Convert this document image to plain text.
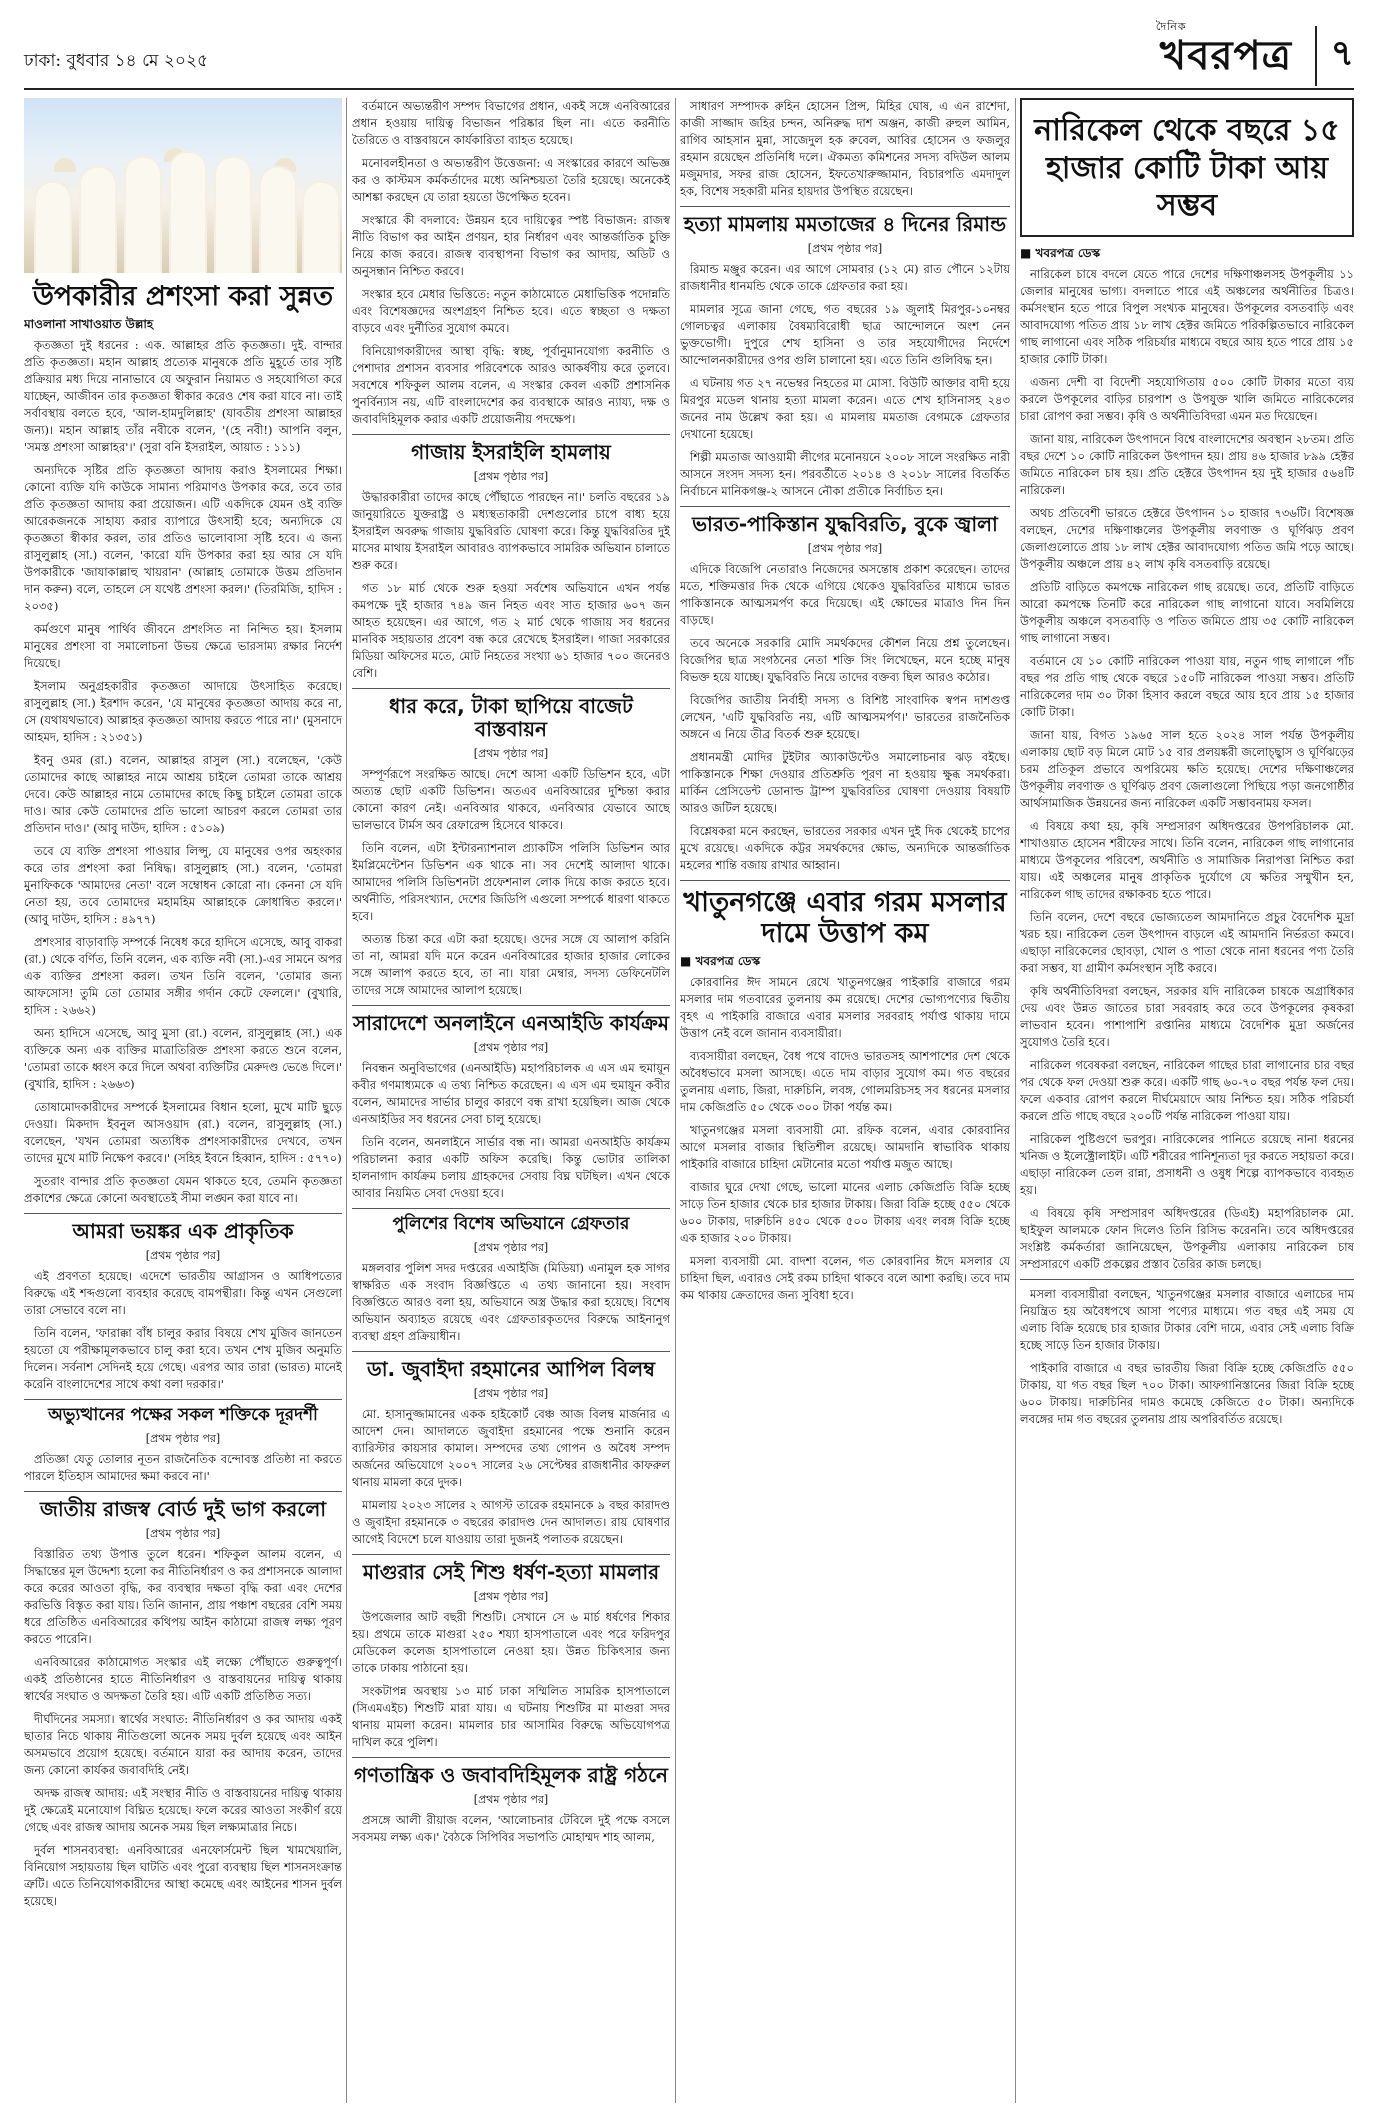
ঢাকা: বুধবার ১৪ মে ২০২৫
দৈনিক
খবরপত্র	৭
উপকারীর প্রশংসা করা সুন্নত
মাওলানা সাখাওয়াত উল্লাহ

কৃতজ্ঞতা দুই ধরনের : এক. আল্লাহর প্রতি কৃতজ্ঞতা। দুই. বান্দার প্রতি কৃতজ্ঞতা। মহান আল্লাহ প্রত্যেক মানুষকে প্রতি মুহূর্তে তার সৃষ্টি প্রক্রিয়ার মধ্য দিয়ে নানাভাবে যে অফুরান নিয়ামত ও সহযোগিতা করে যাচ্ছেন, আজীবন তার কৃতজ্ঞতা স্বীকার করেও শেষ করা যাবে না। তাই সর্বাবস্থায় বলতে হবে, 'আল-হামদুলিল্লাহ' (যাবতীয় প্রশংসা আল্লাহর জন্য)। মহান আল্লাহ তাঁর নবীকে বলেন, '(হে নবী!) আপনি বলুন, 'সমস্ত প্রশংসা আল্লাহর'।' (সুরা বনি ইসরাইল, আয়াত : ১১১)

অন্যদিকে সৃষ্টির প্রতি কৃতজ্ঞতা আদায় করাও ইসলামের শিক্ষা। কোনো ব্যক্তি যদি কাউকে সামান্য পরিমাণও উপকার করে, তবে তার প্রতি কৃতজ্ঞতা আদায় করা প্রয়োজন। এটি একদিকে যেমন ওই ব্যক্তি আরেকজনকে সাহায্য করার ব্যাপারে উৎসাহী হবে; অন্যদিকে যে কৃতজ্ঞতা স্বীকার করল, তার প্রতিও ভালোবাসা সৃষ্টি হবে। এ জন্য রাসুলুল্লাহ (সা.) বলেন, 'কারো যদি উপকার করা হয় আর সে যদি উপকারীকে 'জাযাকাল্লাহু খায়রান' (আল্লাহ তোমাকে উত্তম প্রতিদান দান করুন) বলে, তাহলে সে যথেষ্ট প্রশংসা করল।' (তিরমিজি, হাদিস : ২০৩৫)

কর্মগুণে মানুষ পার্থিব জীবনে প্রশংসিত না নিন্দিত হয়। ইসলাম মানুষের প্রশংসা বা সমালোচনা উভয় ক্ষেত্রে ভারসাম্য রক্ষার নির্দেশ দিয়েছে।

ইসলাম অনুগ্রহকারীর কৃতজ্ঞতা আদায়ে উৎসাহিত করেছে। রাসুলুল্লাহ (সা.) ইরশাদ করেন, 'যে মানুষের কৃতজ্ঞতা আদায় করে না, সে (যথাযথভাবে) আল্লাহর কৃতজ্ঞতা আদায় করতে পারে না।' (মুসনাদে আহমদ, হাদিস : ২১৩৫১)

ইবনু ওমর (রা.) বলেন, আল্লাহর রাসুল (সা.) বলেছেন, 'কেউ তোমাদের কাছে আল্লাহর নামে আশ্রয় চাইলে তোমরা তাকে আশ্রয় দেবে। কেউ আল্লাহর নামে তোমাদের কাছে কিছু চাইলে তোমরা তাকে দাও। আর কেউ তোমাদের প্রতি ভালো আচরণ করলে তোমরা তার প্রতিদান দাও।' (আবু দাউদ, হাদিস : ৫১০৯)

তবে যে ব্যক্তি প্রশংসা পাওয়ার লিপ্সু, যে মানুষের ওপর অহংকার করে তার প্রশংসা করা নিষিদ্ধ। রাসুলুল্লাহ (সা.) বলেন, 'তোমরা মুনাফিককে 'আমাদের নেতা' বলে সম্বোধন কোরো না। কেননা সে যদি নেতা হয়, তবে তোমাদের মহামহিম আল্লাহকে ক্রোধান্বিত করলে।' (আবু দাউদ, হাদিস : ৪৯৭৭)

প্রশংসার বাড়াবাড়ি সম্পর্কে নিষেধ করে হাদিসে এসেছে, আবু বাকরা (রা.) থেকে বর্ণিত, তিনি বলেন, এক ব্যক্তি নবী (সা.)-এর সামনে অপর এক ব্যক্তির প্রশংসা করল। তখন তিনি বলেন, 'তোমার জন্য আফসোস! তুমি তো তোমার সঙ্গীর গর্দান কেটে ফেললে।' (বুখারি, হাদিস : ২৬৬২)

অন্য হাদিসে এসেছে, আবু মুসা (রা.) বলেন, রাসুলুল্লাহ (সা.) এক ব্যক্তিকে অন্য এক ব্যক্তির মাত্রাতিরিক্ত প্রশংসা করতে শুনে বলেন, 'তোমরা তাকে ধ্বংস করে দিলে অথবা ব্যক্তিটির মেরুদণ্ড ভেঙে দিলে।' (বুখারি, হাদিস : ২৬৬৩)

তোষামোদকারীদের সম্পর্কে ইসলামের বিধান হলো, মুখে মাটি ছুড়ে দেওয়া। মিকদাদ ইবনুল আসওয়াদ (রা.) বলেন, রাসুলুল্লাহ (সা.) বলেছেন, 'যখন তোমরা অত্যধিক প্রশংসাকারীদের দেখবে, তখন তাদের মুখে মাটি নিক্ষেপ করবে।' (সহিহ ইবনে হিব্বান, হাদিস : ৫৭৭০)

সুতরাং বান্দার প্রতি কৃতজ্ঞতা যেমন থাকতে হবে, তেমনি কৃতজ্ঞতা প্রকাশের ক্ষেত্রে কোনো অবস্থাতেই সীমা লঙ্ঘন করা যাবে না।

আমরা ভয়ঙ্কর এক প্রাকৃতিক
[প্রথম পৃষ্ঠার পর]

এই প্রবণতা হয়েছে। এদেশে ভারতীয় আগ্রাসন ও আধিপত্যের বিরুদ্ধে এই শব্দগুলো ব্যবহার করেছে বামপন্থীরা। কিন্তু এখন সেগুলো তারা সেভাবে বলে না।

তিনি বলেন, 'ফারাক্কা বাঁধ চালুর করার বিষয়ে শেখ মুজিব জানতেন হয়তো যে পরীক্ষামূলকভাবে চালু করা হবে। তখন শেখ মুজিব অনুমতি দিলেন। সর্বনাশ সেদিনই হয়ে গেছে। এরপর আর তারা (ভারত) মানেই করেনি বাংলাদেশের সাথে কথা বলা দরকার।'

অভ্যুত্থানের পক্ষের সকল শক্তিকে দূরদর্শী
[প্রথম পৃষ্ঠার পর]

প্রতিজ্ঞা যেতু তোলার নূতন রাজনৈতিক বন্দোবস্ত প্রতিষ্ঠা না করতে পারলে ইতিহাস আমাদের ক্ষমা করবে না।'

জাতীয় রাজস্ব বোর্ড দুই ভাগ করলো
[প্রথম পৃষ্ঠার পর]

বিস্তারিত তথ্য উপাত্ত তুলে ধরেন। শফিকুল আলম বলেন, এ সিদ্ধান্তের মূল উদ্দেশ্য হলো কর নীতিনির্ধারণ ও কর প্রশাসনকে আলাদা করে করের আওতা বৃদ্ধি, কর ব্যবস্থার দক্ষতা বৃদ্ধি করা এবং দেশের করভিত্তি বিস্তৃত করা যায়। তিনি জানান, প্রায় পঞ্চাশ বছরের বেশি সময় ধরে প্রতিষ্ঠিত এনবিআরের কথিপয় আইন কাঠামো রাজস্ব লক্ষ্য পূরণ করতে পারেনি।

এনবিআরের কাঠামোগত সংস্কার এই লক্ষ্যে পৌঁছাতে গুরুত্বপূর্ণ। একই প্রতিষ্ঠানের হাতে নীতিনির্ধারণ ও বাস্তবায়নের দায়িত্ব থাকায় স্বার্থের সংঘাত ও অদক্ষতা তৈরি হয়। এটি একটি প্রতিষ্ঠিত সত্য।

দীর্ঘদিনের সমস্যা। স্বার্থের সংঘাত: নীতিনির্ধারণ ও কর আদায় একই ছাতার নিচে থাকায় নীতিগুলো অনেক সময় দুর্বল হয়েছে এবং আইন অসমভাবে প্রয়োগ হয়েছে। বর্তমানে যারা কর আদায় করেন, তাদের জন্য কোনো কার্যকর জবাবদিহি নেই।

অদক্ষ রাজস্ব আদায়: এই সংস্থার নীতি ও বাস্তবায়নের দায়িত্ব থাকায় দুই ক্ষেত্রেই মনোযোগ বিঘ্নিত হয়েছে। ফলে করের আওতা সংকীর্ণ রয়ে গেছে এবং রাজস্ব আদায় অনেক সময় ছিল লক্ষ্যমাত্রার নিচে।

দুর্বল শাসনব্যবস্থা: এনবিআরের এনফোর্সমেন্ট ছিল খামখেয়ালি, বিনিয়োগ সহায়তায় ছিল ঘাটতি এবং পুরো ব্যবস্থায় ছিল শাসনসংক্রান্ত ত্রুটি। এতে তিনিযোগকারীদের আস্থা কমেছে এবং আইনের শাসন দুর্বল হয়েছে।

বর্তমানে অভ্যন্তরীণ সম্পদ বিভাগের প্রধান, একই সঙ্গে এনবিআরের প্রধান হওয়ায় দায়িত্ব বিভাজন পরিষ্কার ছিল না। এতে করনীতি তৈরিতে ও বাস্তবায়নে কার্যকারিতা ব্যাহত হয়েছে।

মনোবলহীনতা ও অভ্যন্তরীণ উত্তেজনা: এ সংস্কারের কারণে অভিজ্ঞ কর ও কাস্টমস কর্মকর্তাদের মধ্যে অনিশ্চয়তা তৈরি হয়েছে। অনেকেই আশঙ্কা করছেন যে তারা হয়তো উপেক্ষিত হবেন।

সংস্কারে কী বদলাবে: উন্নয়ন হবে দায়িত্বের স্পষ্ট বিভাজন: রাজস্ব নীতি বিভাগ কর আইন প্রণয়ন, হার নির্ধারণ এবং আন্তর্জাতিক চুক্তি নিয়ে কাজ করবে। রাজস্ব ব্যবস্থাপনা বিভাগ কর আদায়, অডিট ও অনুসন্ধান নিশ্চিত করবে।

সংস্কার হবে মেধার ভিত্তিতে: নতুন কাঠামোতে মেধাভিত্তিক পদোন্নতি এবং বিশেষজ্ঞদের অংশগ্রহণ নিশ্চিত হবে। এতে স্বচ্ছতা ও দক্ষতা বাড়বে এবং দুর্নীতির সুযোগ কমবে।

বিনিয়োগকারীদের আস্থা বৃদ্ধি: স্বচ্ছ, পূর্বানুমানযোগ্য করনীতি ও পেশাদার প্রশাসন ব্যবসার পরিবেশকে আরও আকর্ষণীয় করে তুলবে। সবশেষে শফিকুল আলম বলেন, এ সংস্কার কেবল একটি প্রশাসনিক পুনর্বিন্যাস নয়, এটি বাংলাদেশের কর ব্যবস্থাকে আরও ন্যায্য, দক্ষ ও জবাবদিহিমূলক করার একটি প্রয়োজনীয় পদক্ষেপ।

গাজায় ইসরাইলি হামলায়
[প্রথম পৃষ্ঠার পর]

উদ্ধারকারীরা তাদের কাছে পৌঁছাতে পারছেন না।' চলতি বছরের ১৯ জানুয়ারিতে যুক্তরাষ্ট্র ও মধ্যস্থতাকারী দেশগুলোর চাপে বাধ্য হয়ে ইসরাইল অবরুদ্ধ গাজায় যুদ্ধবিরতি ঘোষণা করে। কিন্তু যুদ্ধবিরতির দুই মাসের মাথায় ইসরাইল আবারও ব্যাপকভাবে সামরিক অভিযান চালাতে শুরু করে।

গত ১৮ মার্চ থেকে শুরু হওয়া সর্বশেষ অভিযানে এখন পর্যন্ত কমপক্ষে দুই হাজার ৭৪৯ জন নিহত এবং সাত হাজার ৬০৭ জন আহত হয়েছেন। এর আগে, গত ২ মার্চ থেকে গাজায় সব ধরনের মানবিক সহায়তার প্রবেশ বন্ধ করে রেখেছে ইসরাইল। গাজা সরকারের মিডিয়া অফিসের মতে, মোট নিহতের সংখ্যা ৬১ হাজার ৭০০ জনেরও বেশি।

ধার করে, টাকা ছাপিয়ে বাজেট বাস্তবায়ন
[প্রথম পৃষ্ঠার পর]

সম্পূর্ণরূপে সংরক্ষিত আছে। দেশে আসা একটি ডিভিশন হবে, এটা অত্যন্ত ছোট একটি ডিভিশন। অতএব এনবিআরের দুশ্চিন্তা করার কোনো কারণ নেই। এনবিআর থাকবে, এনবিআর যেভাবে আছে ভালভাবে টার্মস অব রেফারেন্স হিসেবে থাকবে।

তিনি বলেন, এটা ইন্টারন্যাশনাল প্র্যাকটিস পলিসি ডিভিশন আর ইমপ্লিমেন্টেশন ডিভিশন এক থাকে না। সব দেশেই আলাদা থাকে। আমাদের পলিসি ডিভিশনটা প্রফেশনাল লোক দিয়ে কাজ করতে হবে। অর্থনীতি, পরিসংখ্যান, দেশের জিডিপি এগুলো সম্পর্কে ধারণা থাকতে হবে।

অত্যন্ত চিন্তা করে এটা করা হয়েছে। ওদের সঙ্গে যে আলাপ করিনি তা না, আমরা যদি মনে করেন এনবিআরের হাজার হাজার লোকের সঙ্গে আলাপ করতে হবে, তা না। যারা মেম্বার, সদস্য ডেফিনেটলি তাদের সঙ্গে আমাদের আলাপ হয়েছে।

সারাদেশে অনলাইনে এনআইডি কার্যক্রম
[প্রথম পৃষ্ঠার পর]

নিবন্ধন অনুবিভাগের (এনআইডি) মহাপরিচালক এ এস এম হুমায়ূন কবীর গণমাধ্যমকে এ তথ্য নিশ্চিত করেছেন। এ এস এম হুমায়ূন কবীর বলেন, আমাদের সার্ভার চালুর কারণে বন্ধ রাখা হয়েছিল। আজ থেকে এনআইডির সব ধরনের সেবা চালু হয়েছে।

তিনি বলেন, অনলাইনে সার্ভার বন্ধ না। আমরা এনআইডি কার্যক্রম পরিচালনা করার একটি অফিস করেছি। কিন্তু ভোটার তালিকা হালনাগাদ কার্যক্রম চলায় গ্রাহকদের সেবায় বিঘ্ন ঘটছিল। এখন থেকে আবার নিয়মিত সেবা দেওয়া হবে।

পুলিশের বিশেষ অভিযানে গ্রেফতার
[প্রথম পৃষ্ঠার পর]

মঙ্গলবার পুলিশ সদর দপ্তরের এআইজি (মিডিয়া) এনামুল হক সাগর স্বাক্ষরিত এক সংবাদ বিজ্ঞপ্তিতে এ তথ্য জানানো হয়। সংবাদ বিজ্ঞপ্তিতে আরও বলা হয়, অভিযানে অস্ত্র উদ্ধার করা হয়েছে। বিশেষ অভিযান অব্যাহত রয়েছে এবং গ্রেফতারকৃতদের বিরুদ্ধে আইনানুগ ব্যবস্থা গ্রহণ প্রক্রিয়াধীন।

ডা. জুবাইদা রহমানের আপিল বিলম্ব
[প্রথম পৃষ্ঠার পর]

মো. হাসানুজ্জামানের একক হাইকোর্ট বেঞ্চ আজ বিলম্ব মার্জনার এ আদেশ দেন। আদালতে জুবাইদা রহমানের পক্ষে শুনানি করেন ব্যারিস্টার কায়সার কামাল। সম্পদের তথ্য গোপন ও অবৈধ সম্পদ অর্জনের অভিযোগে ২০০৭ সালের ২৬ সেপ্টেম্বর রাজধানীর কাফরুল থানায় মামলা করে দুদক।

মামলায় ২০২৩ সালের ২ আগস্ট তারেক রহমানকে ৯ বছর কারাদণ্ড ও জুবাইদা রহমানকে ৩ বছরের কারাদণ্ড দেন আদালত। রায় ঘোষণার আগেই বিদেশে চলে যাওয়ায় তারা দুজনই পলাতক রয়েছেন।

মাগুরার সেই শিশু ধর্ষণ-হত্যা মামলার
[প্রথম পৃষ্ঠার পর]

উপজেলার আট বছরী শিশুটি। সেখানে সে ৬ মার্চ ধর্ষণের শিকার হয়। প্রথমে তাকে মাগুরা ২৫০ শয্যা হাসপাতালে এবং পরে ফরিদপুর মেডিকেল কলেজ হাসপাতালে নেওয়া হয়। উন্নত চিকিৎসার জন্য তাকে ঢাকায় পাঠানো হয়।

সংকটাপন্ন অবস্থায় ১৩ মার্চ ঢাকা সম্মিলিত সামরিক হাসপাতালে (সিএমএইচ) শিশুটি মারা যায়। এ ঘটনায় শিশুটির মা মাগুরা সদর থানায় মামলা করেন। মামলার চার আসামির বিরুদ্ধে অভিযোগপত্র দাখিল করে পুলিশ।

গণতান্ত্রিক ও জবাবদিহিমূলক রাষ্ট্র গঠনে
[প্রথম পৃষ্ঠার পর]

প্রসঙ্গে আলী রীয়াজ বলেন, 'আলোচনার টেবিলে দুই পক্ষে বসলে সবসময় লক্ষ্য এক।' বৈঠকে সিপিবির সভাপতি মোহাম্মদ শাহ আলম,

সাধারণ সম্পাদক রুহিন হোসেন প্রিন্স, মিহির ঘোষ, এ এন রাশেদা, কাজী সাজ্জাদ জহির চন্দন, অনিরুদ্ধ দাশ অঞ্জন, কাজী রুহুল আমিন, রাগিব আহসান মুন্না, সাজেদুল হক রুবেল, আবির হোসেন ও ফজলুর রহমান রয়েছেন প্রতিনিধি দলে। ঐকমত্য কমিশনের সদস্য বদিউল আলম মজুমদার, সফর রাজ হোসেন, ইফতেখারুজ্জামান, বিচারপতি এমদাদুল হক, বিশেষ সহকারী মনির হায়দার উপস্থিত রয়েছেন।

হত্যা মামলায় মমতাজের ৪ দিনের রিমান্ড
[প্রথম পৃষ্ঠার পর]

রিমান্ড মঞ্জুর করেন। এর আগে সোমবার (১২ মে) রাত পৌনে ১২টায় রাজধানীর ধানমন্ডি থেকে তাকে গ্রেফতার করা হয়।

মামলার সূত্রে জানা গেছে, গত বছরের ১৯ জুলাই মিরপুর-১০নম্বর গোলচত্বর এলাকায় বৈষম্যবিরোধী ছাত্র আন্দোলনে অংশ নেন ভুক্তভোগী। দুপুরে শেখ হাসিনা ও তার সহযোগীদের নির্দেশে আন্দোলনকারীদের ওপর গুলি চালানো হয়। এতে তিনি গুলিবিদ্ধ হন।

এ ঘটনায় গত ২৭ নভেম্বর নিহতের মা মোসা. বিউটি আক্তার বাদী হয়ে মিরপুর মডেল থানায় হত্যা মামলা করেন। এতে শেখ হাসিনাসহ ২৪৩ জনের নাম উল্লেখ করা হয়। এ মামলায় মমতাজ বেগমকে গ্রেফতার দেখানো হয়েছে।

শিল্পী মমতাজ আওয়ামী লীগের মনোনয়নে ২০০৮ সালে সংরক্ষিত নারী আসনে সংসদ সদস্য হন। পরবর্তীতে ২০১৪ ও ২০১৮ সালের বিতর্কিত নির্বাচনে মানিকগঞ্জ-২ আসনে নৌকা প্রতীকে নির্বাচিত হন।

ভারত-পাকিস্তান যুদ্ধবিরতি, বুকে জ্বালা
[প্রথম পৃষ্ঠার পর]

এদিকে বিজেপি নেতারাও নিজেদের অসন্তোষ প্রকাশ করেছেন। তাদের মতে, শক্তিমত্তার দিক থেকে এগিয়ে থেকেও যুদ্ধবিরতির মাধ্যমে ভারত পাকিস্তানকে আত্মসমর্পণ করে দিয়েছে। এই ক্ষোভের মাত্রাও দিন দিন বাড়ছে।

তবে অনেকে সরকারি মোদি সমর্থকদের কৌশল নিয়ে প্রশ্ন তুলেছেন। বিজেপির ছাত্র সংগঠনের নেতা শক্তি সিং লিখেছেন, মনে হচ্ছে মানুষ বিভক্ত হয়ে যাচ্ছে। যুদ্ধবিরতি নিয়ে তাদের বক্তব্য ছিল আরও কঠোর।

বিজেপির জাতীয় নির্বাহী সদস্য ও বিশিষ্ট সাংবাদিক স্বপন দাশগুপ্ত লেখেন, 'এটি যুদ্ধবিরতি নয়, এটি আত্মসমর্পণ।' ভারতের রাজনৈতিক অঙ্গনে এ নিয়ে তীব্র বিতর্ক শুরু হয়েছে।

প্রধানমন্ত্রী মোদির টুইটার অ্যাকাউন্টেও সমালোচনার ঝড় বইছে। পাকিস্তানকে শিক্ষা দেওয়ার প্রতিশ্রুতি পূরণ না হওয়ায় ক্ষুব্ধ সমর্থকরা। মার্কিন প্রেসিডেন্ট ডোনাল্ড ট্রাম্প যুদ্ধবিরতির ঘোষণা দেওয়ায় বিষয়টি আরও জটিল হয়েছে।

বিশ্লেষকরা মনে করছেন, ভারতের সরকার এখন দুই দিক থেকেই চাপের মুখে রয়েছে। একদিকে কট্টর সমর্থকদের ক্ষোভ, অন্যদিকে আন্তর্জাতিক মহলের শান্তি বজায় রাখার আহ্বান।

খাতুনগঞ্জে এবার গরম মসলার দামে উত্তাপ কম
■ খবরপত্র ডেস্ক

কোরবানির ঈদ সামনে রেখে খাতুনগঞ্জের পাইকারি বাজারে গরম মসলার দাম গতবারের তুলনায় কম রয়েছে। দেশের ভোগ্যপণ্যের দ্বিতীয় বৃহৎ এ পাইকারি বাজারে এবার মসলার সরবরাহ পর্যাপ্ত থাকায় দামে উত্তাপ নেই বলে জানান ব্যবসায়ীরা।

ব্যবসায়ীরা বলছেন, বৈধ পথে বাদেও ভারতসহ আশপাশের দেশ থেকে অবৈধভাবে মসলা আসছে। এতে দাম বাড়ার সুযোগ কম। গত বছরের তুলনায় এলাচ, জিরা, দারুচিনি, লবঙ্গ, গোলমরিচসহ সব ধরনের মসলার দাম কেজিপ্রতি ৫০ থেকে ৩০০ টাকা পর্যন্ত কম।

খাতুনগঞ্জের মসলা ব্যবসায়ী মো. রফিক বলেন, এবার কোরবানির আগে মসলার বাজার স্থিতিশীল রয়েছে। আমদানি স্বাভাবিক থাকায় পাইকারি বাজারে চাহিদা মেটানোর মতো পর্যাপ্ত মজুত আছে।

বাজার ঘুরে দেখা গেছে, ভালো মানের এলাচ কেজিপ্রতি বিক্রি হচ্ছে সাড়ে তিন হাজার থেকে চার হাজার টাকায়। জিরা বিক্রি হচ্ছে ৫৫০ থেকে ৬০০ টাকায়, দারুচিনি ৪৫০ থেকে ৫০০ টাকায় এবং লবঙ্গ বিক্রি হচ্ছে এক হাজার ২০০ টাকায়।

মসলা ব্যবসায়ী মো. বাদশা বলেন, গত কোরবানির ঈদে মসলার যে চাহিদা ছিল, এবারও সেই রকম চাহিদা থাকবে বলে আশা করছি। তবে দাম কম থাকায় ক্রেতাদের জন্য সুবিধা হবে।

নারিকেল থেকে বছরে ১৫ হাজার কোটি টাকা আয় সম্ভব
■ খবরপত্র ডেস্ক

নারিকেল চাষে বদলে যেতে পারে দেশের দক্ষিণাঞ্চলসহ উপকূলীয় ১১ জেলার মানুষের ভাগ্য। বদলাতে পারে এই অঞ্চলের অর্থনীতির চিত্রও। কর্মসংস্থান হতে পারে বিপুল সংখ্যক মানুষের। উপকূলের বসতবাড়ি এবং আবাদযোগ্য পতিত প্রায় ১৮ লাখ হেক্টর জমিতে পরিকল্পিতভাবে নারিকেল গাছ লাগানো এবং সঠিক পরিচর্যার মাধ্যমে বছরে আয় হতে পারে প্রায় ১৫ হাজার কোটি টাকা।

এজন্য দেশী বা বিদেশী সহযোগিতায় ৫০০ কোটি টাকার মতো ব্যয় করলে উপকূলের বাড়ির চারপাশ ও উপযুক্ত খালি জমিতে নারিকেলের চারা রোপণ করা সম্ভব। কৃষি ও অর্থনীতিবিদরা এমন মত দিয়েছেন।

জানা যায়, নারিকেল উৎপাদনে বিশ্বে বাংলাদেশের অবস্থান ২৮তম। প্রতি বছর দেশে ১০ কোটি নারিকেল উৎপাদন হয়। প্রায় ৪৬ হাজার ৮৯৯ হেক্টর জমিতে নারিকেল চাষ হয়। প্রতি হেক্টরে উৎপাদন হয় দুই হাজার ৫৬৪টি নারিকেল।

অথচ প্রতিবেশী ভারতে হেক্টরে উৎপাদন ১০ হাজার ৭৩৬টি। বিশেষজ্ঞ বলছেন, দেশের দক্ষিণাঞ্চলের উপকূলীয় লবণাক্ত ও ঘূর্ণিঝড় প্রবণ জেলাগুলোতে প্রায় ১৮ লাখ হেক্টর আবাদযোগ্য পতিত জমি পড়ে আছে। উপকূলীয় অঞ্চলে প্রায় ৪২ লাখ কৃষি বসতবাড়ি রয়েছে।

প্রতিটি বাড়িতে কমপক্ষে নারিকেল গাছ রয়েছে। তবে, প্রতিটি বাড়িতে আরো কমপক্ষে তিনটি করে নারিকেল গাছ লাগানো যাবে। সবমিলিয়ে উপকূলীয় অঞ্চলে বসতবাড়ি ও পতিত জমিতে প্রায় ৩৫ কোটি নারিকেল গাছ লাগানো সম্ভব।

বর্তমানে যে ১০ কোটি নারিকেল পাওয়া যায়, নতুন গাছ লাগালে পাঁচ বছর পর প্রতি গাছ থেকে বছরে ১৫০টি নারিকেল পাওয়া সম্ভব। প্রতিটি নারিকেলের দাম ৩০ টাকা হিসাব করলে বছরে আয় হবে প্রায় ১৫ হাজার কোটি টাকা।

জানা যায়, বিগত ১৯৬৫ সাল হতে ২০২৪ সাল পর্যন্ত উপকূলীয় এলাকায় ছোট বড় মিলে মোট ১৫ বার প্রলয়ঙ্করী জলোচ্ছ্বাস ও ঘূর্ণিঝড়ের চরম প্রতিকূল প্রভাবে অপরিমেয় ক্ষতি হয়েছে। দেশের দক্ষিণাঞ্চলের উপকূলীয় লবণাক্ত ও ঘূর্ণিঝড় প্রবণ জেলাগুলো পিছিয়ে পড়া জনগোষ্ঠীর আর্থসামাজিক উন্নয়নের জন্য নারিকেল একটি সম্ভাবনাময় ফসল।

এ বিষয়ে কথা হয়, কৃষি সম্প্রসারণ অধিদপ্তরের উপপরিচালক মো. শাখাওয়াত হোসেন শরীফের সাথে। তিনি বলেন, নারিকেল গাছ লাগানোর মাধ্যমে উপকূলের পরিবেশ, অর্থনীতি ও সামাজিক নিরাপত্তা নিশ্চিত করা যায়। এই অঞ্চলের মানুষ প্রাকৃতিক দুর্যোগে যে ক্ষতির সম্মুখীন হন, নারিকেল গাছ তাদের রক্ষাকবচ হতে পারে।

তিনি বলেন, দেশে বছরে ভোজ্যতেল আমদানিতে প্রচুর বৈদেশিক মুদ্রা খরচ হয়। নারিকেল তেল উৎপাদন বাড়লে এই আমদানি নির্ভরতা কমবে। এছাড়া নারিকেলের ছোবড়া, খোল ও পাতা থেকে নানা ধরনের পণ্য তৈরি করা সম্ভব, যা গ্রামীণ কর্মসংস্থান সৃষ্টি করবে।

কৃষি অর্থনীতিবিদরা বলছেন, সরকার যদি নারিকেল চাষকে অগ্রাধিকার দেয় এবং উন্নত জাতের চারা সরবরাহ করে তবে উপকূলের কৃষকরা লাভবান হবেন। পাশাপাশি রপ্তানির মাধ্যমে বৈদেশিক মুদ্রা অর্জনের সুযোগও তৈরি হবে।

নারিকেল গবেষকরা বলছেন, নারিকেল গাছের চারা লাগানোর চার বছর পর থেকে ফল দেওয়া শুরু করে। একটি গাছ ৬০-৭০ বছর পর্যন্ত ফল দেয়। ফলে একবার রোপণ করলে দীর্ঘমেয়াদে আয় নিশ্চিত হয়। সঠিক পরিচর্যা করলে প্রতি গাছে বছরে ২০০টি পর্যন্ত নারিকেল পাওয়া যায়।

নারিকেল পুষ্টিগুণে ভরপুর। নারিকেলের পানিতে রয়েছে নানা ধরনের খনিজ ও ইলেক্ট্রোলাইট। এটি শরীরের পানিশূন্যতা দূর করতে সহায়তা করে। এছাড়া নারিকেল তেল রান্না, প্রসাধনী ও ওষুধ শিল্পে ব্যাপকভাবে ব্যবহৃত হয়।

এ বিষয়ে কৃষি সম্প্রসারণ অধিদপ্তরের (ডিএই) মহাপরিচালক মো. ছাইফুল আলমকে ফোন দিলেও তিনি রিসিভ করেননি। তবে অধিদপ্তরের সংশ্লিষ্ট কর্মকর্তারা জানিয়েছেন, উপকূলীয় এলাকায় নারিকেল চাষ সম্প্রসারণে একটি প্রকল্পের প্রস্তাব তৈরির কাজ চলছে।

মসলা ব্যবসায়ীরা বলছেন, খাতুনগঞ্জের মসলার বাজারে এলাচের দাম নিয়ন্ত্রিত হয় অবৈধপথে আসা পণ্যের মাধ্যমে। গত বছর এই সময় যে এলাচ বিক্রি হয়েছে চার হাজার টাকার বেশি দামে, এবার সেই এলাচ বিক্রি হচ্ছে সাড়ে তিন হাজার টাকায়।

পাইকারি বাজারে এ বছর ভারতীয় জিরা বিক্রি হচ্ছে কেজিপ্রতি ৫৫০ টাকায়, যা গত বছর ছিল ৭০০ টাকা। আফগানিস্তানের জিরা বিক্রি হচ্ছে ৬০০ টাকায়। দারুচিনির দামও কমেছে কেজিতে ৫০ টাকা। অন্যদিকে লবঙ্গের দাম গত বছরের তুলনায় প্রায় অপরিবর্তিত রয়েছে।
